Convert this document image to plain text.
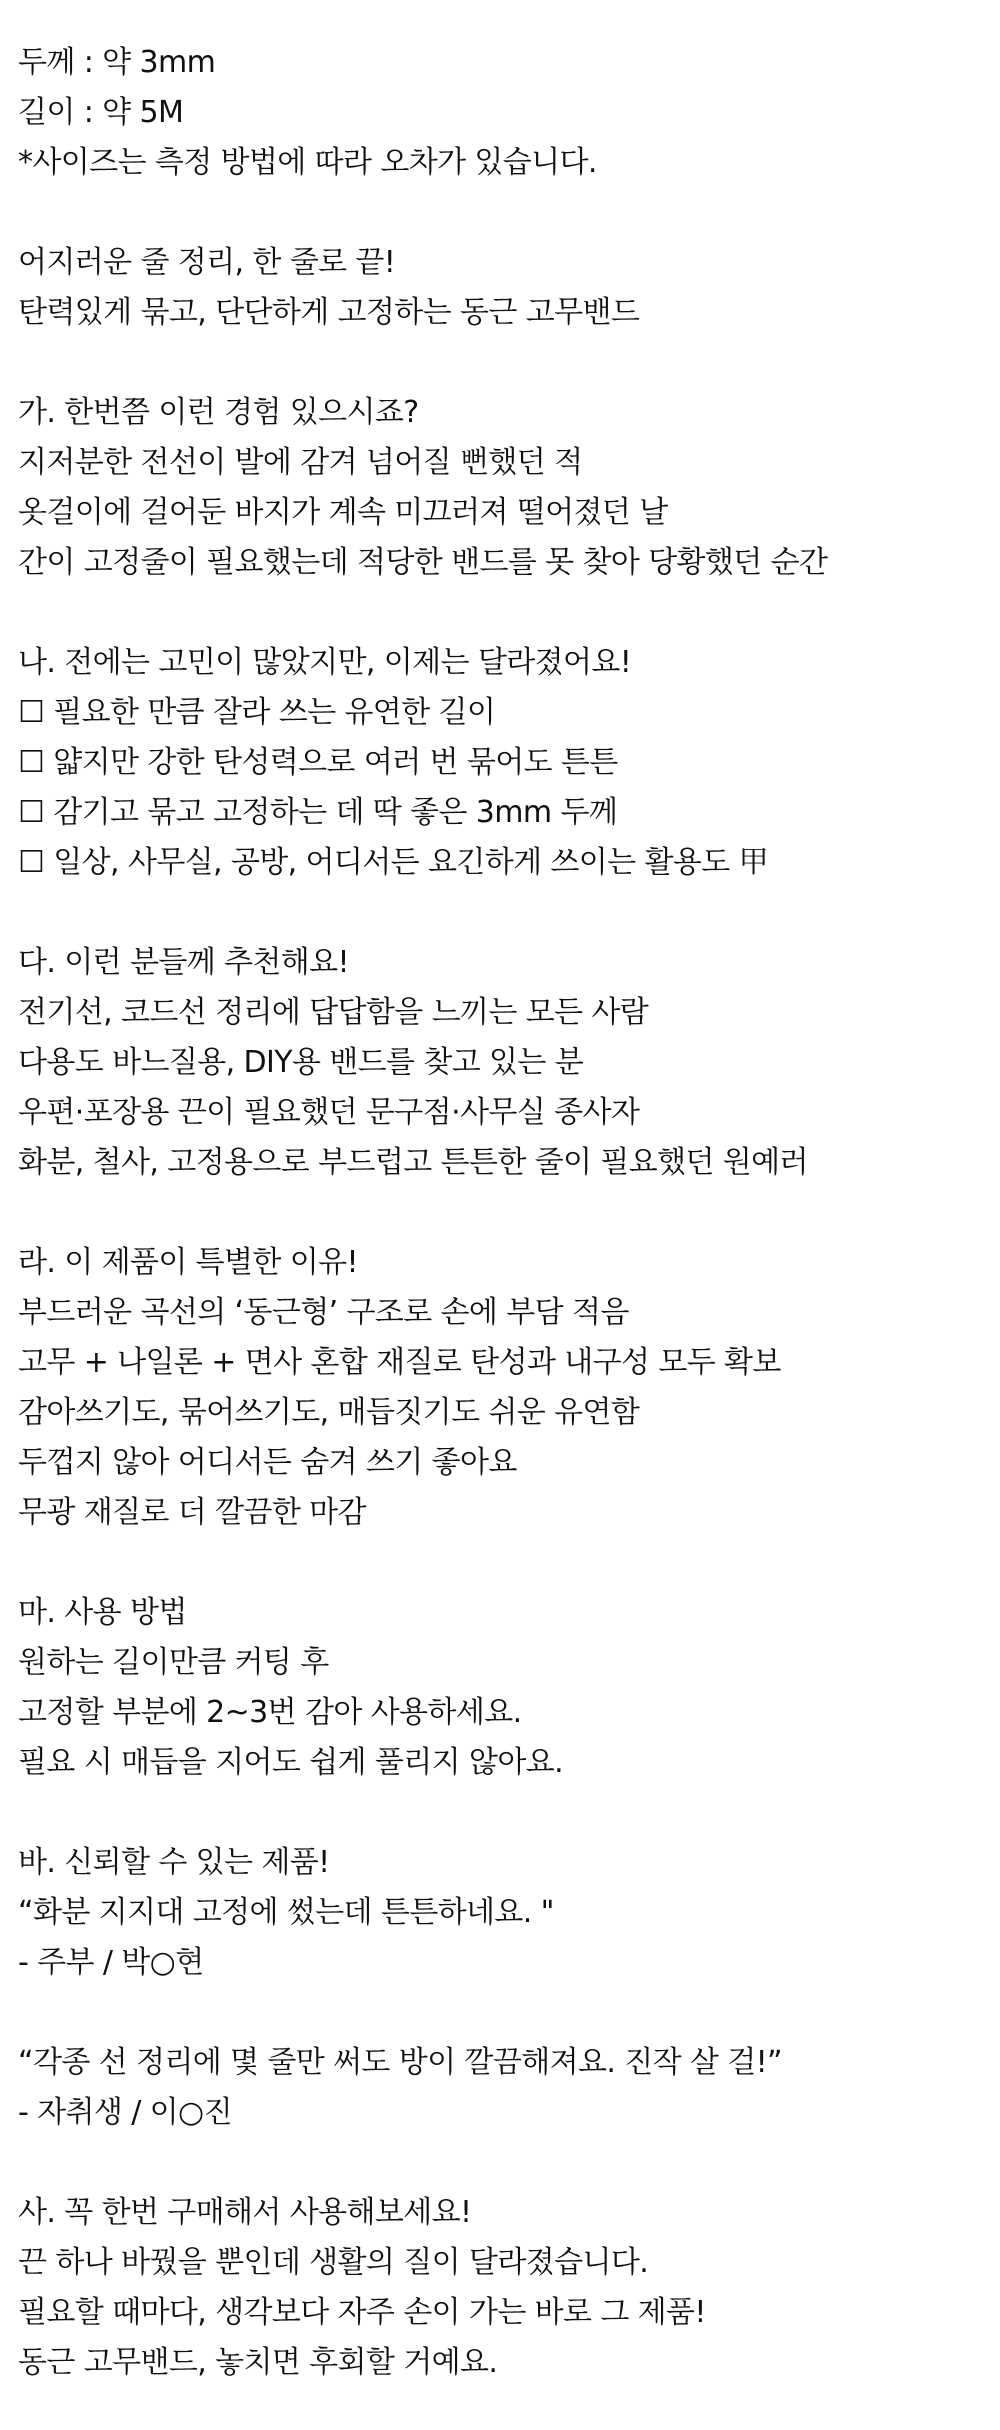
두께 : 약 3mm
길이 : 약 5M
*사이즈는 측정 방법에 따라 오차가 있습니다.
어지러운 줄 정리, 한 줄로 끝!
탄력있게 묶고, 단단하게 고정하는 동근 고무밴드
가. 한번쯤 이런 경험 있으시죠?
지저분한 전선이 발에 감겨 넘어질 뻔했던 적
옷걸이에 걸어둔 바지가 계속 미끄러져 떨어졌던 날
간이 고정줄이 필요했는데 적당한 밴드를 못 찾아 당황했던 순간
나. 전에는 고민이 많았지만, 이제는 달라졌어요!
☐ 필요한 만큼 잘라 쓰는 유연한 길이
☐ 얇지만 강한 탄성력으로 여러 번 묶어도 튼튼
☐ 감기고 묶고 고정하는 데 딱 좋은 3mm 두께
☐ 일상, 사무실, 공방, 어디서든 요긴하게 쓰이는 활용도 甲
다. 이런 분들께 추천해요!
전기선, 코드선 정리에 답답함을 느끼는 모든 사람
다용도 바느질용, DIY용 밴드를 찾고 있는 분
우편·포장용 끈이 필요했던 문구점·사무실 종사자
화분, 철사, 고정용으로 부드럽고 튼튼한 줄이 필요했던 원예러
라. 이 제품이 특별한 이유!
부드러운 곡선의 ‘동근형’ 구조로 손에 부담 적음
고무 + 나일론 + 면사 혼합 재질로 탄성과 내구성 모두 확보
감아쓰기도, 묶어쓰기도, 매듭짓기도 쉬운 유연함
두껍지 않아 어디서든 숨겨 쓰기 좋아요
무광 재질로 더 깔끔한 마감
마. 사용 방법
원하는 길이만큼 커팅 후
고정할 부분에 2~3번 감아 사용하세요.
필요 시 매듭을 지어도 쉽게 풀리지 않아요.
바. 신뢰할 수 있는 제품!
“화분 지지대 고정에 썼는데 튼튼하네요. "
- 주부 / 박○현
“각종 선 정리에 몇 줄만 써도 방이 깔끔해져요. 진작 살 걸!”
- 자취생 / 이○진
사. 꼭 한번 구매해서 사용해보세요!
끈 하나 바꿨을 뿐인데 생활의 질이 달라졌습니다.
필요할 때마다, 생각보다 자주 손이 가는 바로 그 제품!
동근 고무밴드, 놓치면 후회할 거예요.
